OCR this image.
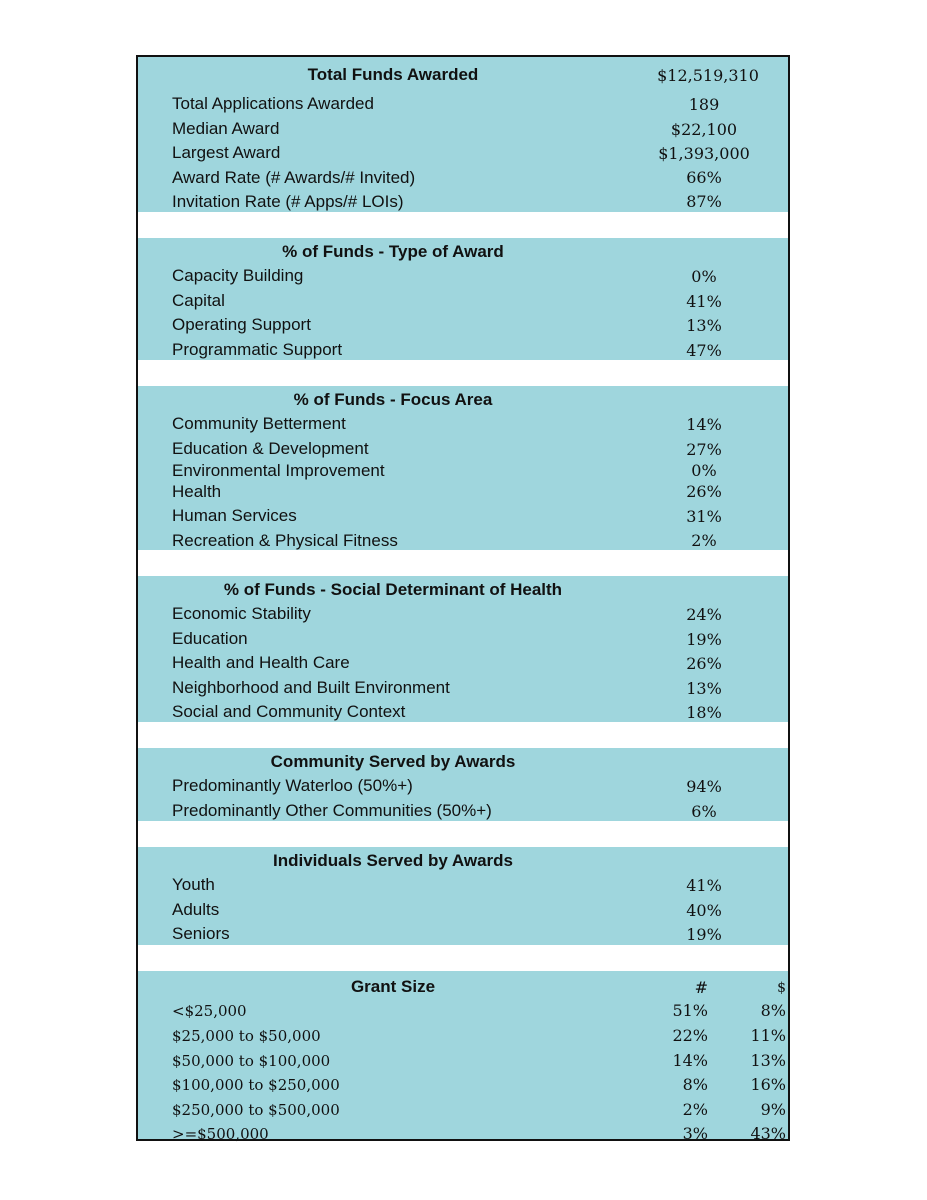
Total Funds Awarded	$12,519,310
Total Applications Awarded	189
Median Award	$22,100
Largest Award	$1,393,000
Award Rate (# Awards/# Invited)	66%
Invitation Rate (# Apps/# LOIs)	87%
% of Funds - Type of Award
Capacity Building	0%
Capital	41%
Operating Support	13%
Programmatic Support	47%
% of Funds - Focus Area
Community Betterment	14%
Education & Development	27%
Environmental Improvement	0%
Health	26%
Human Services	31%
Recreation & Physical Fitness	2%
% of Funds - Social Determinant of Health
Economic Stability	24%
Education	19%
Health and Health Care	26%
Neighborhood and Built Environment	13%
Social and Community Context	18%
Community Served by Awards
Predominantly Waterloo (50%+)	94%
Predominantly Other Communities (50%+)	6%
Individuals Served by Awards
Youth	41%
Adults	40%
Seniors	19%
Grant Size	#	$
<$25,000	51%	8%
$25,000 to $50,000	22%	11%
$50,000 to $100,000	14%	13%
$100,000 to $250,000	8%	16%
$250,000 to $500,000	2%	9%
>=$500,000	3%	43%
